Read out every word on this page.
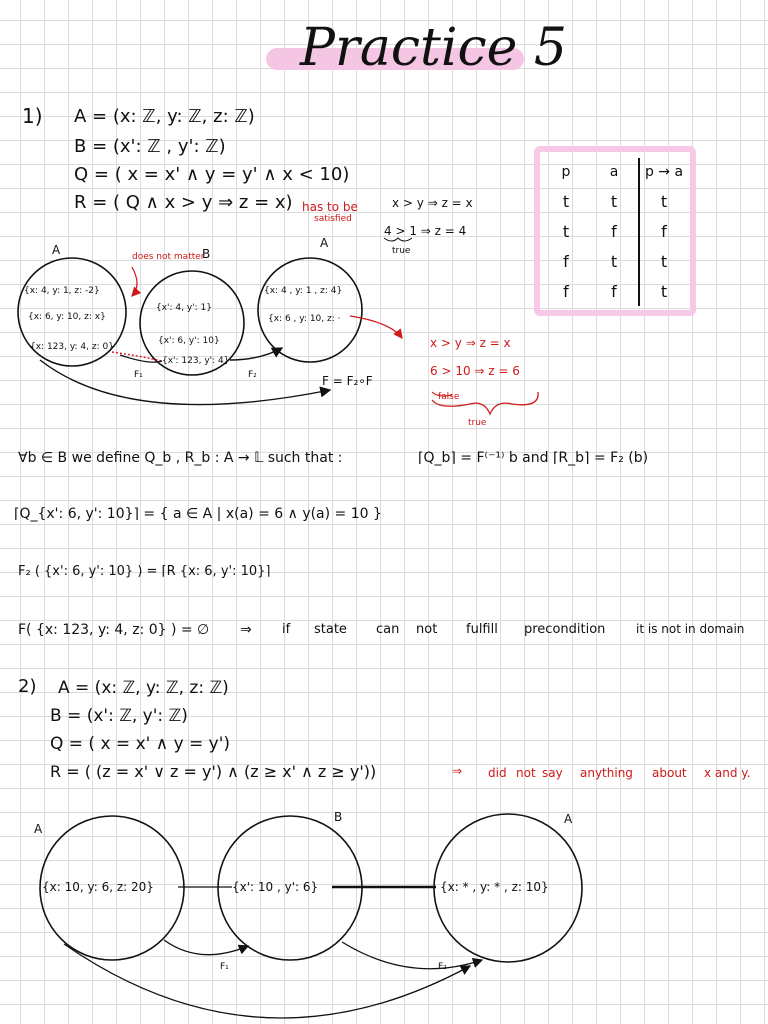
Practice 5
1) A = (x: ℤ, y: ℤ, z: ℤ)
B = (x': ℤ , y': ℤ)
Q = ( x = x' ∧ y = y' ∧ x < 10)
R = ( Q ∧ x > y ⇒ z = x) has to be
satisfied
x > y ⇒ z = x
4 > 1 ⇒ z = 4
true
p	a	p → a
t	t	t
t	f	f
f	t	t
f	f	t
A	B
A
does not matter
{x: 4, y: 1, z: -2}
{x: 6, y: 10, z: x}
{x: 123, y: 4, z: 0}
{x': 4, y': 1}
{x': 6, y': 10}
{x': 123, y': 4}
{x: 4 , y: 1 , z: 4}
{x: 6 , y: 10, z: ·
F₁	F₂	F = F₂∘F
x > y ⇒ z = x
6 > 10 ⇒ z = 6
false
true
∀b ∈ B we define Q_b , R_b : A → 𝕃 such that :	⌈Q_b⌉ = F⁽⁻¹⁾ b and ⌈R_b⌉ = F₂ (b)
⌈Q_{x': 6, y': 10}⌉ = { a ∈ A | x(a) = 6 ∧ y(a) = 10 }
F₂ ( {x': 6, y': 10} ) = ⌈R {x: 6, y': 10}⌉
F( {x: 123, y: 4, z: 0} ) = ∅ ⇒ if state can not fulfill precondition	it is not in domain
2) A = (x: ℤ, y: ℤ, z: ℤ)
B = (x': ℤ, y': ℤ)
Q = ( x = x' ∧ y = y')
R = ( (z = x' ∨ z = y') ∧ (z ≥ x' ∧ z ≥ y'))	⇒ did not say anything about x and y.
A
B	A
{x: 10, y: 6, z: 20}	{x': 10 , y': 6}	{x: * , y: * , z: 10}
F₁	F₂
